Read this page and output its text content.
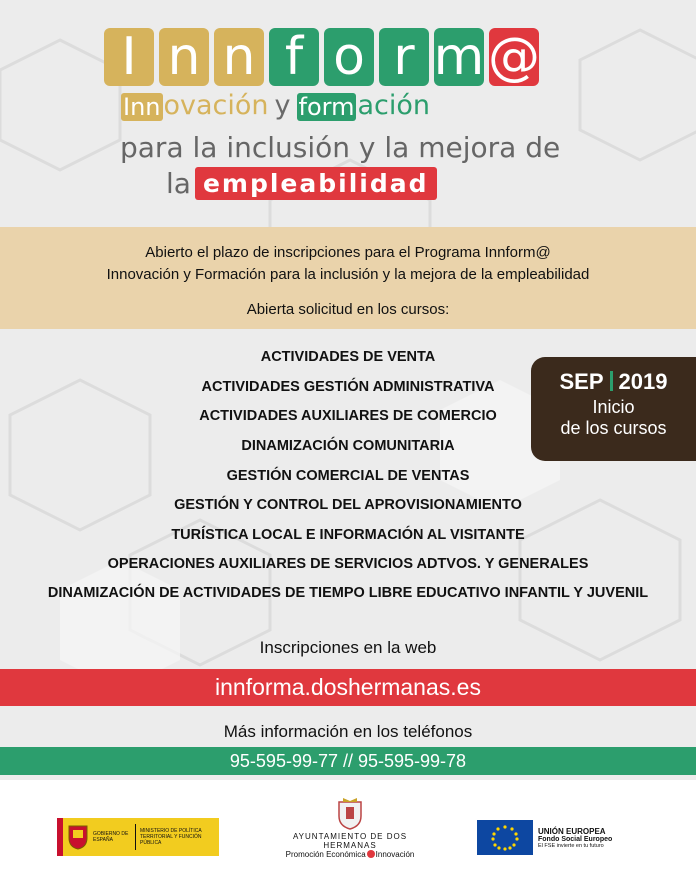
I n n f o r m @
Inn ovación y form ación
para la inclusión y la mejora de
la empleabilidad
Abierto el plazo de inscripciones para el Programa Innform@
Innovación y Formación para la inclusión y la mejora de la empleabilidad
Abierta solicitud en los cursos:
ACTIVIDADES DE VENTA
ACTIVIDADES GESTIÓN ADMINISTRATIVA
ACTIVIDADES AUXILIARES DE COMERCIO
DINAMIZACIÓN COMUNITARIA
GESTIÓN COMERCIAL DE VENTAS
GESTIÓN Y CONTROL DEL APROVISIONAMIENTO
TURÍSTICA LOCAL E INFORMACIÓN AL VISITANTE
OPERACIONES AUXILIARES DE SERVICIOS ADTVOS. Y GENERALES
DINAMIZACIÓN DE ACTIVIDADES DE TIEMPO LIBRE EDUCATIVO INFANTIL Y JUVENIL
SEP 2019
Inicio
de los cursos
Inscripciones en la web
innforma.doshermanas.es
Más información en los teléfonos
95-595-99-77 // 95-595-99-78
GOBIERNO DE ESPAÑA
MINISTERIO DE POLÍTICA TERRITORIAL Y FUNCIÓN PÚBLICA
AYUNTAMIENTO DE DOS HERMANAS
Promoción Económica Innovación
UNIÓN EUROPEA
Fondo Social Europeo
El FSE invierte en tu futuro
